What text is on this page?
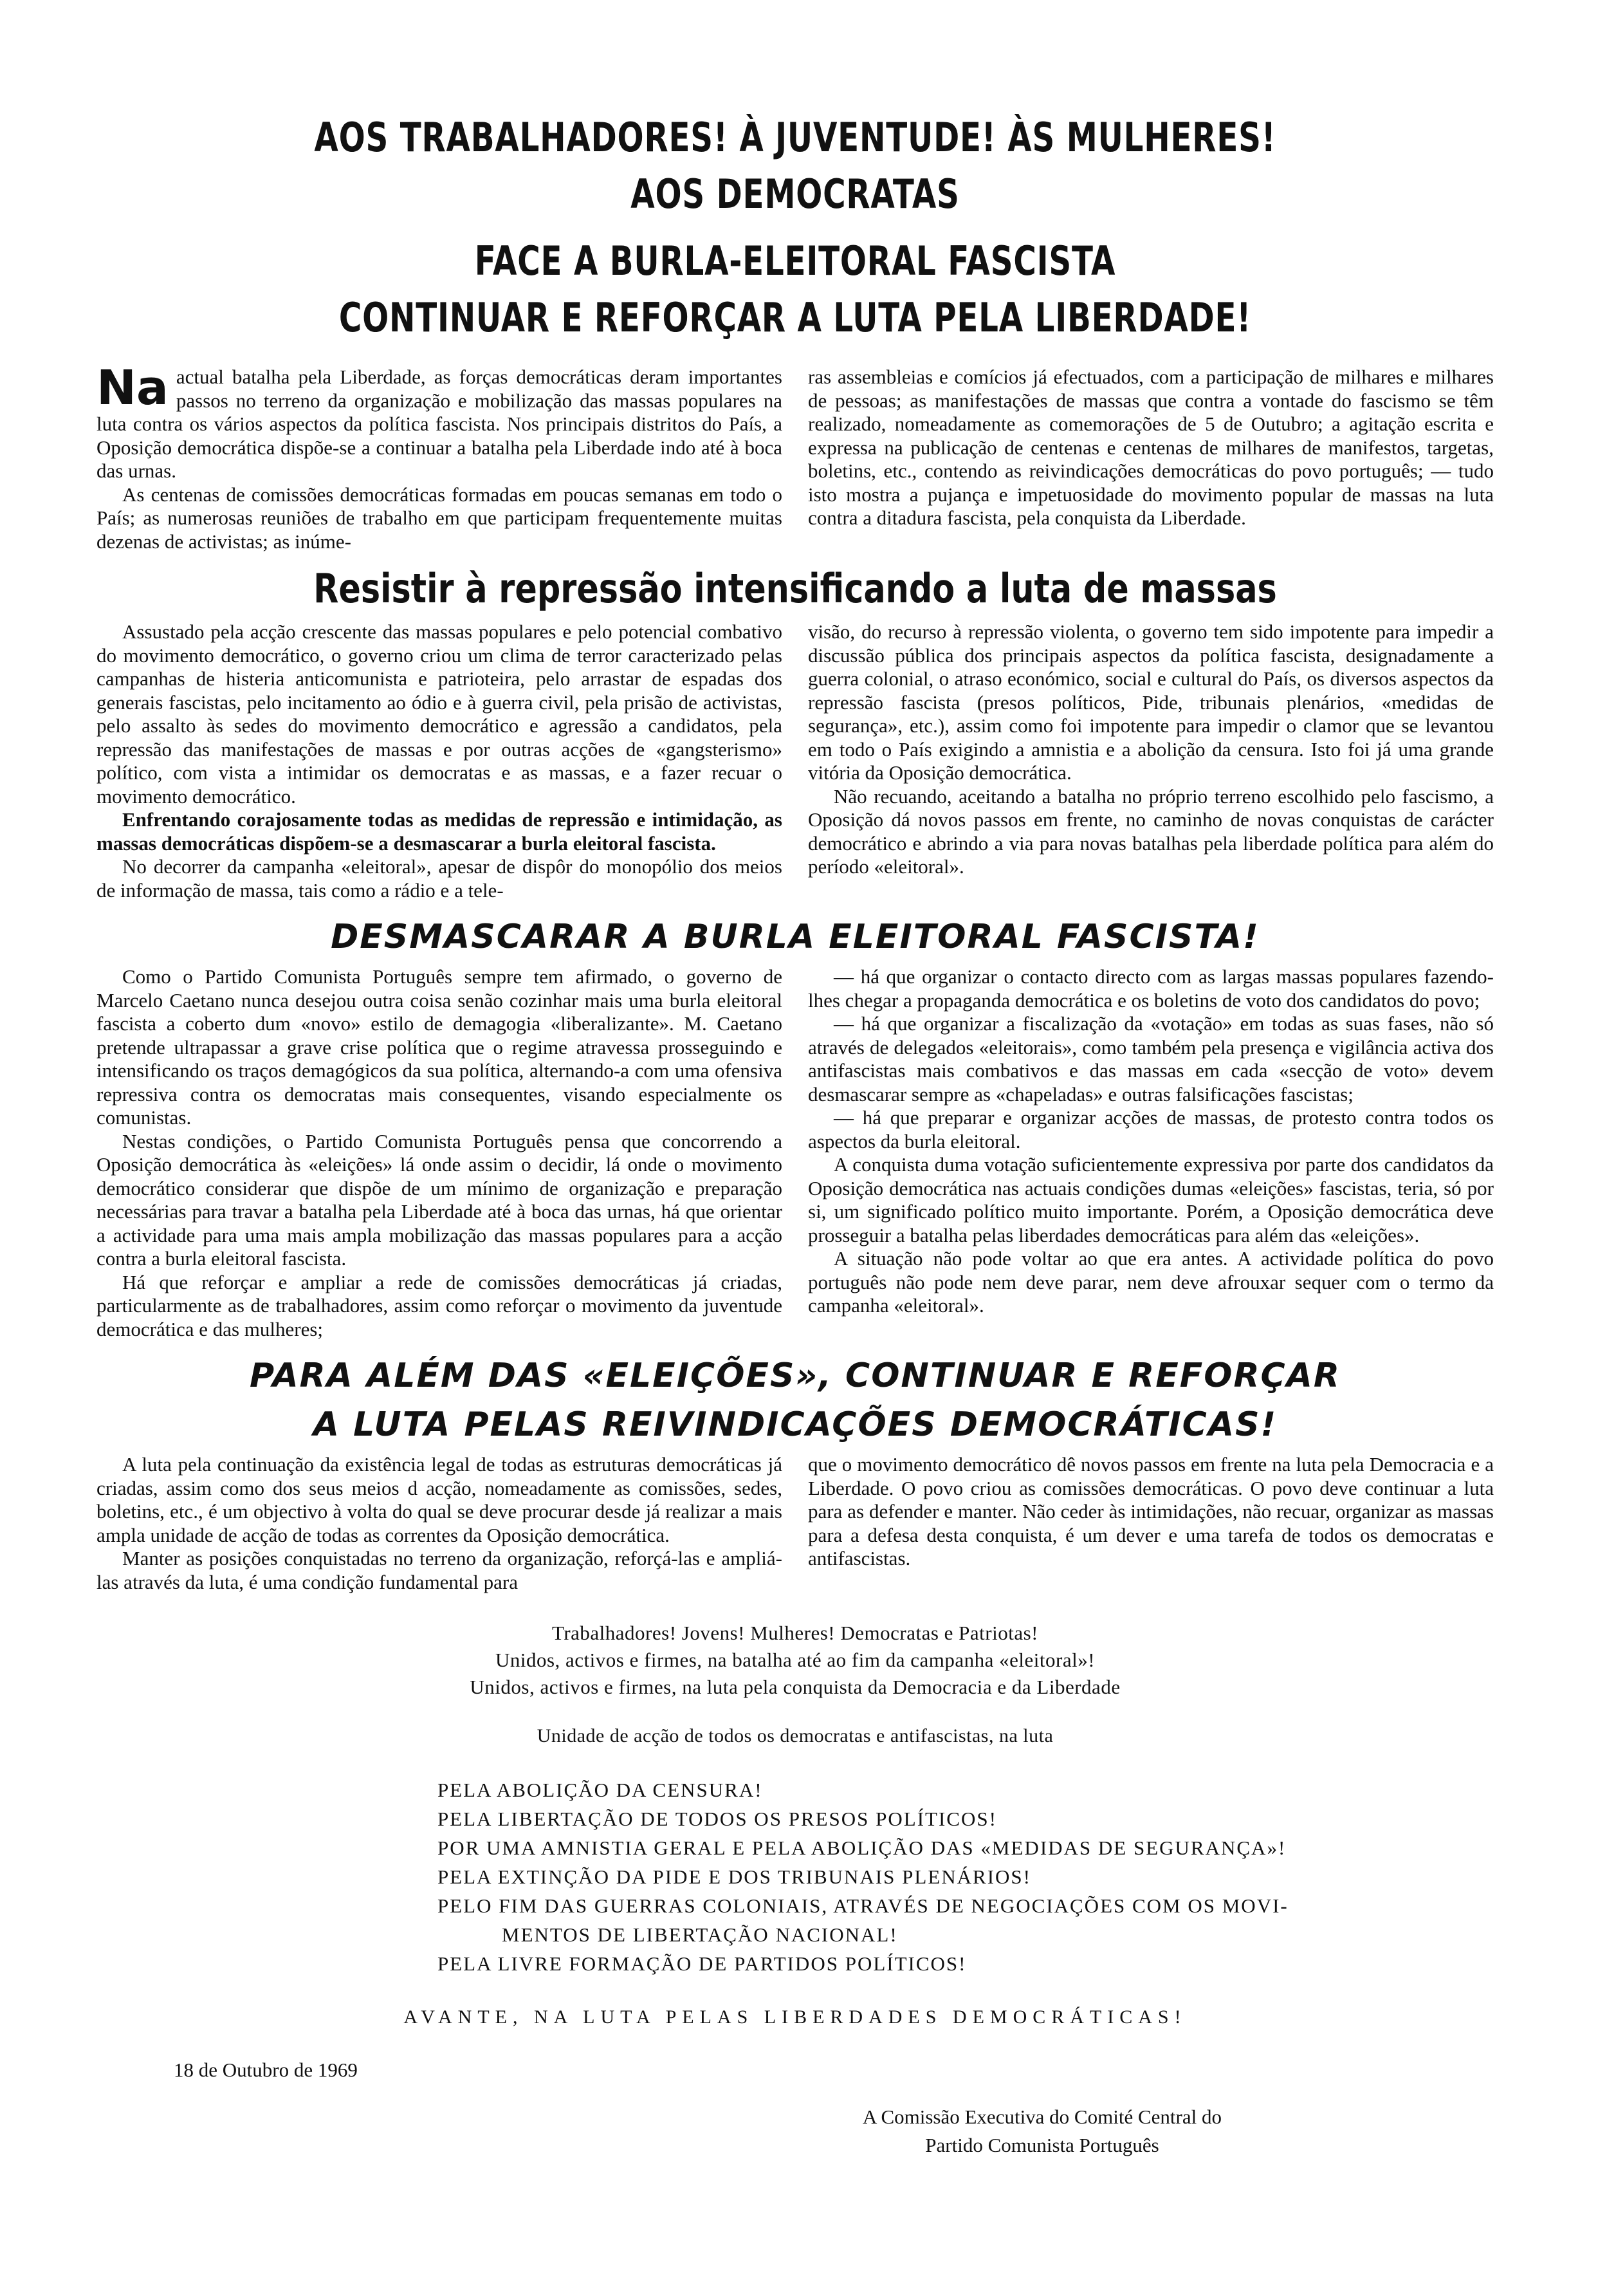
AOS TRABALHADORES! À JUVENTUDE! ÀS MULHERES!
AOS DEMOCRATAS
FACE A BURLA-ELEITORAL FASCISTA
CONTINUAR E REFORÇAR A LUTA PELA LIBERDADE!

Na actual batalha pela Liberdade, as forças democráticas deram importantes passos no terreno da organização e mobilização das massas populares na luta contra os vários aspectos da política fascista. Nos principais distritos do País, a Oposição democrática dispõe-se a continuar a batalha pela Liberdade indo até à boca das urnas.

As centenas de comissões democráticas formadas em poucas semanas em todo o País; as numerosas reuniões de trabalho em que participam frequentemente muitas dezenas de activistas; as inúme-

ras assembleias e comícios já efectuados, com a participação de milhares e milhares de pessoas; as manifestações de massas que contra a vontade do fascismo se têm realizado, nomeadamente as comemorações de 5 de Outubro; a agitação escrita e expressa na publicação de centenas e centenas de milhares de manifestos, targetas, boletins, etc., contendo as reivindicações democráticas do povo português; — tudo isto mostra a pujança e impetuosidade do movimento popular de massas na luta contra a ditadura fascista, pela conquista da Liberdade.

Resistir à repressão intensificando a luta de massas

Assustado pela acção crescente das massas populares e pelo potencial combativo do movimento democrático, o governo criou um clima de terror caracterizado pelas campanhas de histeria anticomunista e patrioteira, pelo arrastar de espadas dos generais fascistas, pelo incitamento ao ódio e à guerra civil, pela prisão de activistas, pelo assalto às sedes do movimento democrático e agressão a candidatos, pela repressão das manifestações de massas e por outras acções de «gangsterismo» político, com vista a intimidar os democratas e as massas, e a fazer recuar o movimento democrático.

Enfrentando corajosamente todas as medidas de repressão e intimidação, as massas democráticas dispõem-se a desmascarar a burla eleitoral fascista.

No decorrer da campanha «eleitoral», apesar de dispôr do monopólio dos meios de informação de massa, tais como a rádio e a tele-

visão, do recurso à repressão violenta, o governo tem sido impotente para impedir a discussão pública dos principais aspectos da política fascista, designadamente a guerra colonial, o atraso económico, social e cultural do País, os diversos aspectos da repressão fascista (presos políticos, Pide, tribunais plenários, «medidas de segurança», etc.), assim como foi impotente para impedir o clamor que se levantou em todo o País exigindo a amnistia e a abolição da censura. Isto foi já uma grande vitória da Oposição democrática.

Não recuando, aceitando a batalha no próprio terreno escolhido pelo fascismo, a Oposição dá novos passos em frente, no caminho de novas conquistas de carácter democrático e abrindo a via para novas batalhas pela liberdade política para além do período «eleitoral».

DESMASCARAR A BURLA ELEITORAL FASCISTA!

Como o Partido Comunista Português sempre tem afirmado, o governo de Marcelo Caetano nunca desejou outra coisa senão cozinhar mais uma burla eleitoral fascista a coberto dum «novo» estilo de demagogia «liberalizante». M. Caetano pretende ultrapassar a grave crise política que o regime atravessa prosseguindo e intensificando os traços demagógicos da sua política, alternando-a com uma ofensiva repressiva contra os democratas mais consequentes, visando especialmente os comunistas.

Nestas condições, o Partido Comunista Português pensa que concorrendo a Oposição democrática às «eleições» lá onde assim o decidir, lá onde o movimento democrático considerar que dispõe de um mínimo de organização e preparação necessárias para travar a batalha pela Liberdade até à boca das urnas, há que orientar a actividade para uma mais ampla mobilização das massas populares para a acção contra a burla eleitoral fascista.

Há que reforçar e ampliar a rede de comissões democráticas já criadas, particularmente as de trabalhadores, assim como reforçar o movimento da juventude democrática e das mulheres;

— há que organizar o contacto directo com as largas massas populares fazendo-lhes chegar a propaganda democrática e os boletins de voto dos candidatos do povo;

— há que organizar a fiscalização da «votação» em todas as suas fases, não só através de delegados «eleitorais», como também pela presença e vigilância activa dos antifascistas mais combativos e das massas em cada «secção de voto» devem desmascarar sempre as «chapeladas» e outras falsificações fascistas;

— há que preparar e organizar acções de massas, de protesto contra todos os aspectos da burla eleitoral.

A conquista duma votação suficientemente expressiva por parte dos candidatos da Oposição democrática nas actuais condições dumas «eleições» fascistas, teria, só por si, um significado político muito importante. Porém, a Oposição democrática deve prosseguir a batalha pelas liberdades democráticas para além das «eleições».

A situação não pode voltar ao que era antes. A actividade política do povo português não pode nem deve parar, nem deve afrouxar sequer com o termo da campanha «eleitoral».

PARA ALÉM DAS «ELEIÇÕES», CONTINUAR E REFORÇAR
A LUTA PELAS REIVINDICAÇÕES DEMOCRÁTICAS!

A luta pela continuação da existência legal de todas as estruturas democráticas já criadas, assim como dos seus meios d acção, nomeadamente as comissões, sedes, boletins, etc., é um objectivo à volta do qual se deve procurar desde já realizar a mais ampla unidade de acção de todas as correntes da Oposição democrática.

Manter as posições conquistadas no terreno da organização, reforçá-las e ampliá-las através da luta, é uma condição fundamental para

que o movimento democrático dê novos passos em frente na luta pela Democracia e a Liberdade. O povo criou as comissões democráticas. O povo deve continuar a luta para as defender e manter. Não ceder às intimidações, não recuar, organizar as massas para a defesa desta conquista, é um dever e uma tarefa de todos os democratas e antifascistas.

Trabalhadores! Jovens! Mulheres! Democratas e Patriotas!
Unidos, activos e firmes, na batalha até ao fim da campanha «eleitoral»!
Unidos, activos e firmes, na luta pela conquista da Democracia e da Liberdade
Unidade de acção de todos os democratas e antifascistas, na luta
PELA ABOLIÇÃO DA CENSURA!
PELA LIBERTAÇÃO DE TODOS OS PRESOS POLÍTICOS!
POR UMA AMNISTIA GERAL E PELA ABOLIÇÃO DAS «MEDIDAS DE SEGURANÇA»!
PELA EXTINÇÃO DA PIDE E DOS TRIBUNAIS PLENÁRIOS!
PELO FIM DAS GUERRAS COLONIAIS, ATRAVÉS DE NEGOCIAÇÕES COM OS MOVI-
MENTOS DE LIBERTAÇÃO NACIONAL!
PELA LIVRE FORMAÇÃO DE PARTIDOS POLÍTICOS!
AVANTE, NA LUTA PELAS LIBERDADES DEMOCRÁTICAS!
18 de Outubro de 1969
A Comissão Executiva do Comité Central do
Partido Comunista Português
